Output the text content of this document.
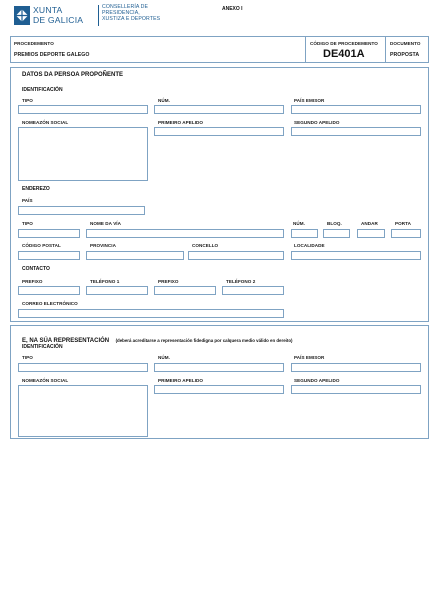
XUNTA
DE GALICIA
CONSELLERÍA DE
PRESIDENCIA,
XUSTIZA E DEPORTES
ANEXO I
PROCEDEMENTO
PREMIOS DEPORTE GALEGO
CÓDIGO DE PROCEDEMENTO
DE401A
DOCUMENTO
PROPOSTA
DATOS DA PERSOA PROPOÑENTE
IDENTIFICACIÓN
TIPO	NÚM.	PAÍS EMISOR
NOMEAZÓN SOCIAL	PRIMEIRO APELIDO	SEGUNDO APELIDO
ENDEREZO
PAÍS
TIPO	NOME DA VÍA	NÚM.	BLOQ.	ANDAR	PORTA
CÓDIGO POSTAL	PROVINCIA	CONCELLO	LOCALIDADE
CONTACTO
PREFIXO	TELÉFONO 1	PREFIXO	TELÉFONO 2
CORREO ELECTRÓNICO
E, NA SÚA REPRESENTACIÓN (deberá acreditarse a representación fidedigna por calquera medio válido en dereito)
IDENTIFICACIÓN
TIPO	NÚM.	PAÍS EMISOR
NOMEAZÓN SOCIAL	PRIMEIRO APELIDO	SEGUNDO APELIDO
